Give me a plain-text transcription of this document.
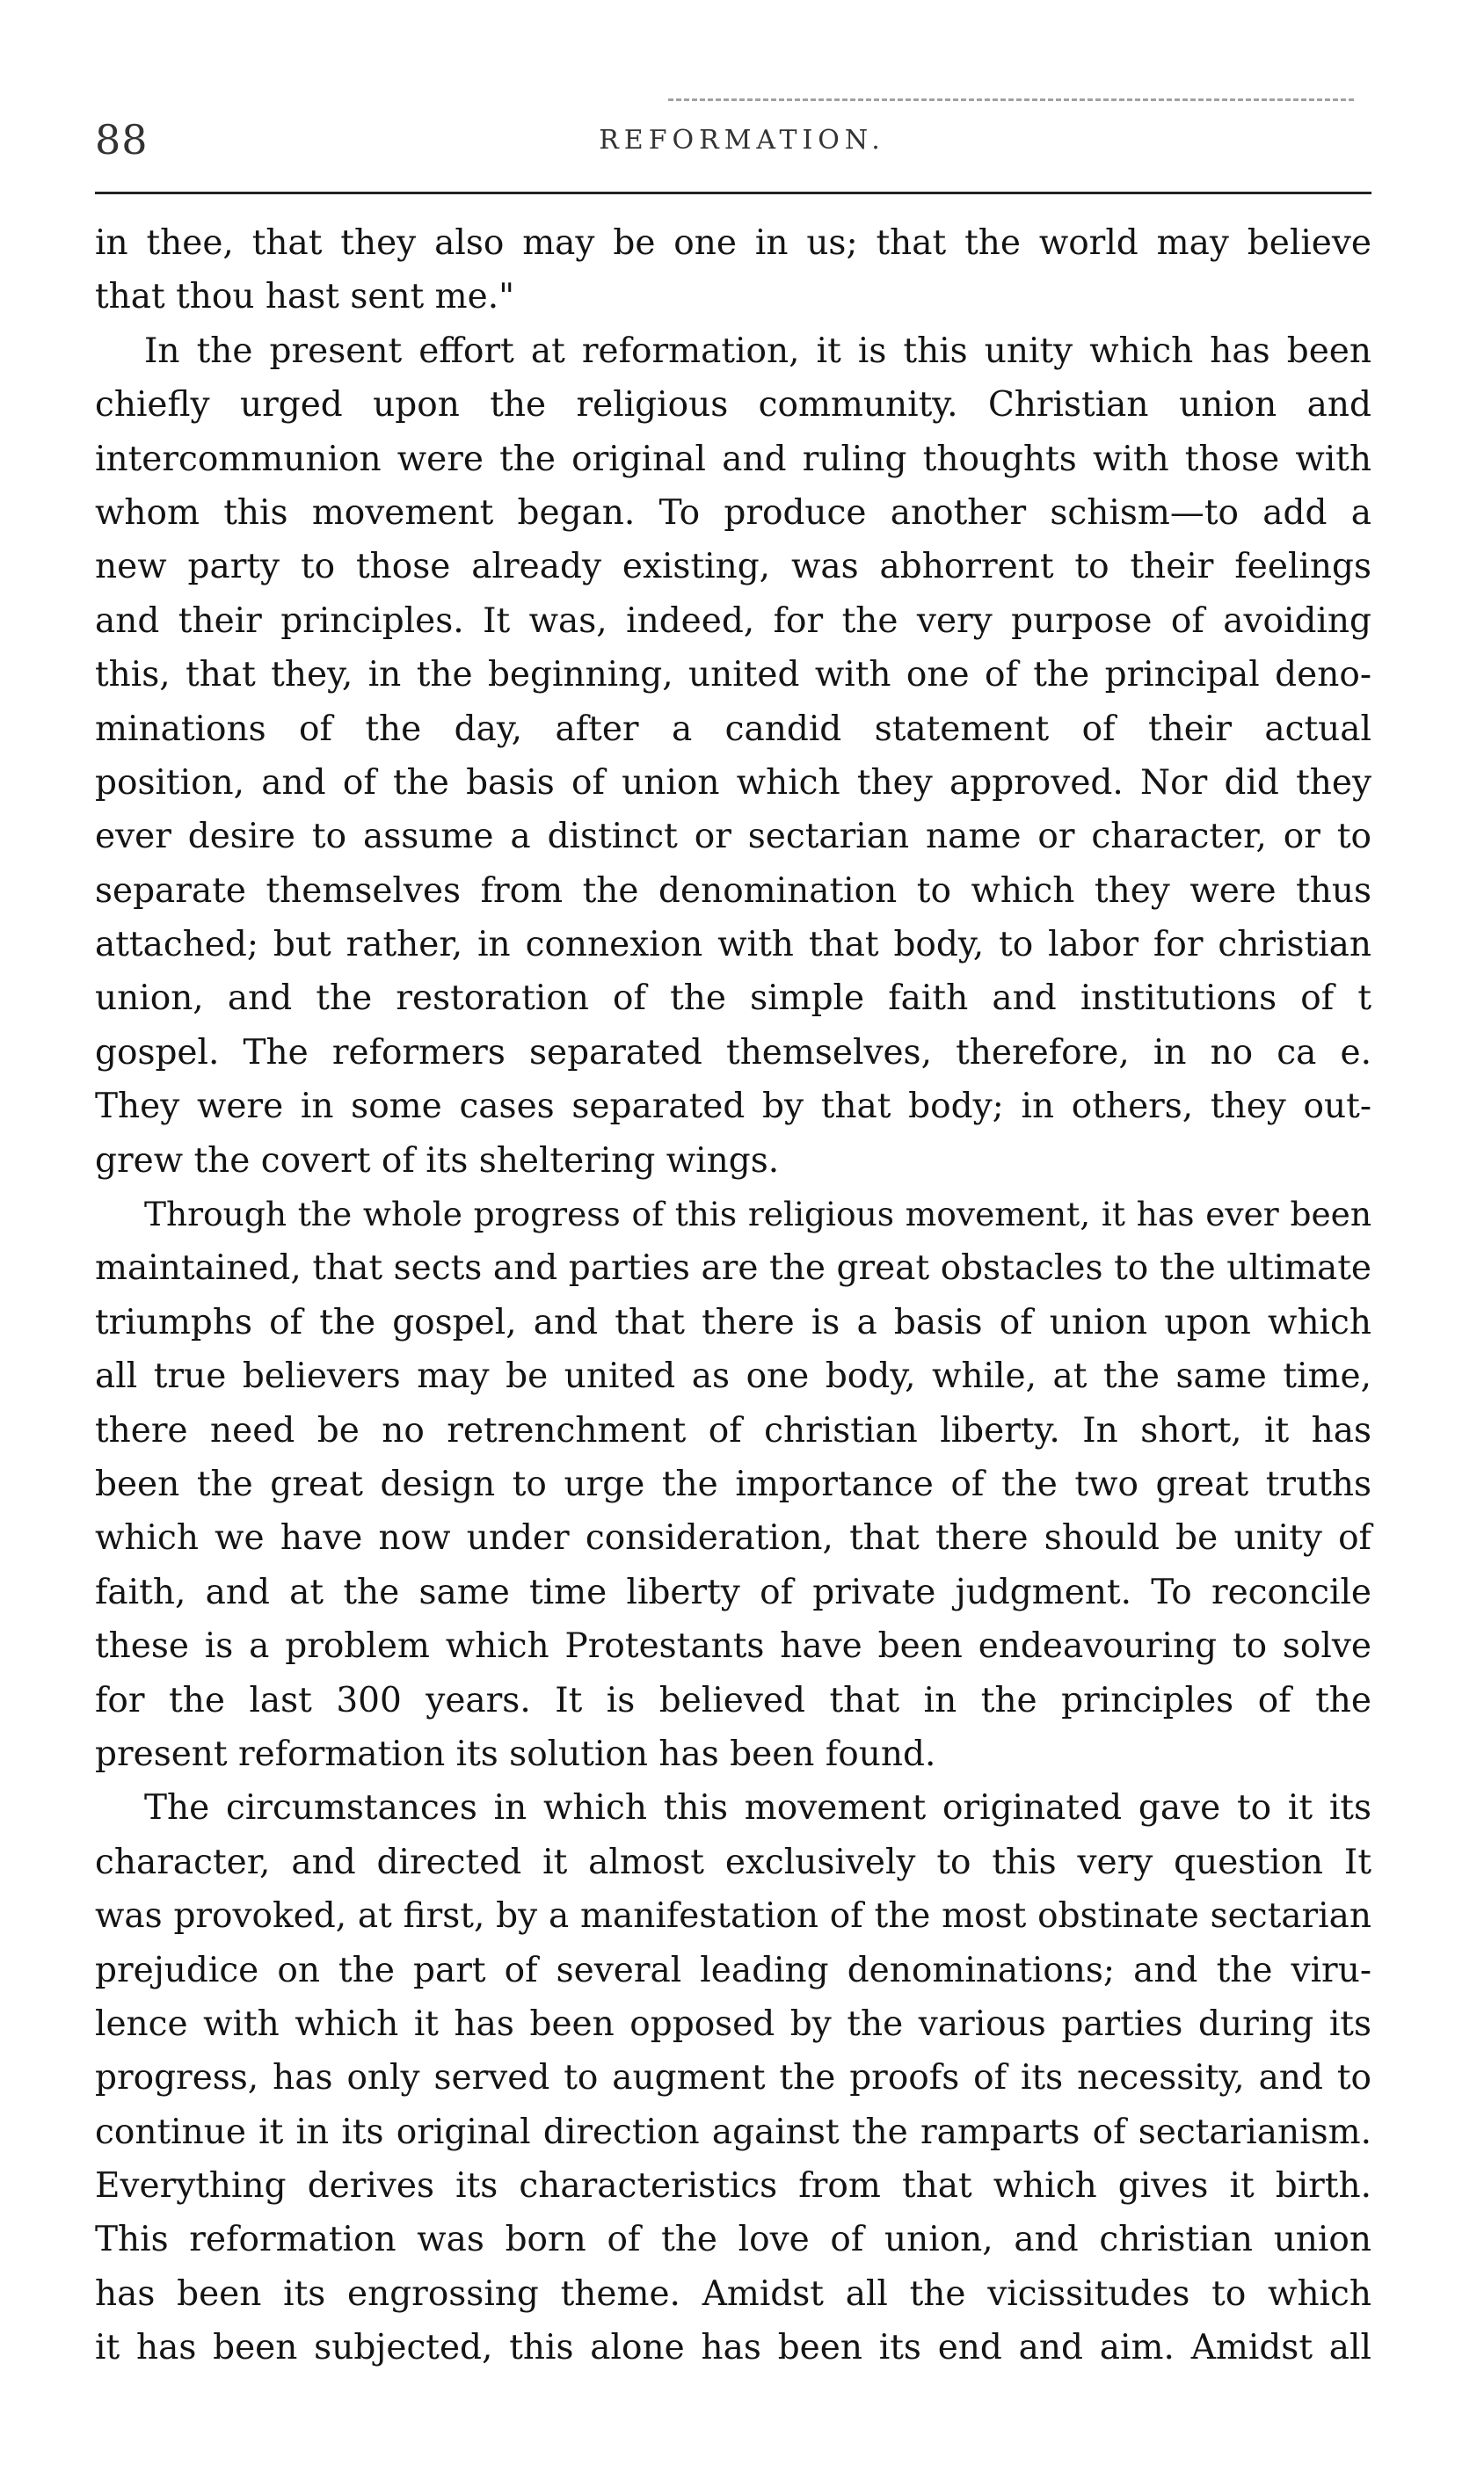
88	REFORMATION.
in thee, that they also may be one in us; that the world may believe
that thou hast sent me."
In the present effort at reformation, it is this unity which has been
chiefly urged upon the religious community. Christian union and
intercommunion were the original and ruling thoughts with those with
whom this movement began. To produce another schism—to add a
new party to those already existing, was abhorrent to their feelings
and their principles. It was, indeed, for the very purpose of avoiding
this, that they, in the beginning, united with one of the principal deno-
minations of the day, after a candid statement of their actual
position, and of the basis of union which they approved. Nor did they
ever desire to assume a distinct or sectarian name or character, or to
separate themselves from the denomination to which they were thus
attached; but rather, in connexion with that body, to labor for christian
union, and the restoration of the simple faith and institutions of t
gospel. The reformers separated themselves, therefore, in no ca e.
They were in some cases separated by that body; in others, they out-
grew the covert of its sheltering wings.
Through the whole progress of this religious movement, it has ever been
maintained, that sects and parties are the great obstacles to the ultimate
triumphs of the gospel, and that there is a basis of union upon which
all true believers may be united as one body, while, at the same time,
there need be no retrenchment of christian liberty. In short, it has
been the great design to urge the importance of the two great truths
which we have now under consideration, that there should be unity of
faith, and at the same time liberty of private judgment. To reconcile
these is a problem which Protestants have been endeavouring to solve
for the last 300 years. It is believed that in the principles of the
present reformation its solution has been found.
The circumstances in which this movement originated gave to it its
character, and directed it almost exclusively to this very question It
was provoked, at first, by a manifestation of the most obstinate sectarian
prejudice on the part of several leading denominations; and the viru-
lence with which it has been opposed by the various parties during its
progress, has only served to augment the proofs of its necessity, and to
continue it in its original direction against the ramparts of sectarianism.
Everything derives its characteristics from that which gives it birth.
This reformation was born of the love of union, and christian union
has been its engrossing theme. Amidst all the vicissitudes to which
it has been subjected, this alone has been its end and aim. Amidst all
